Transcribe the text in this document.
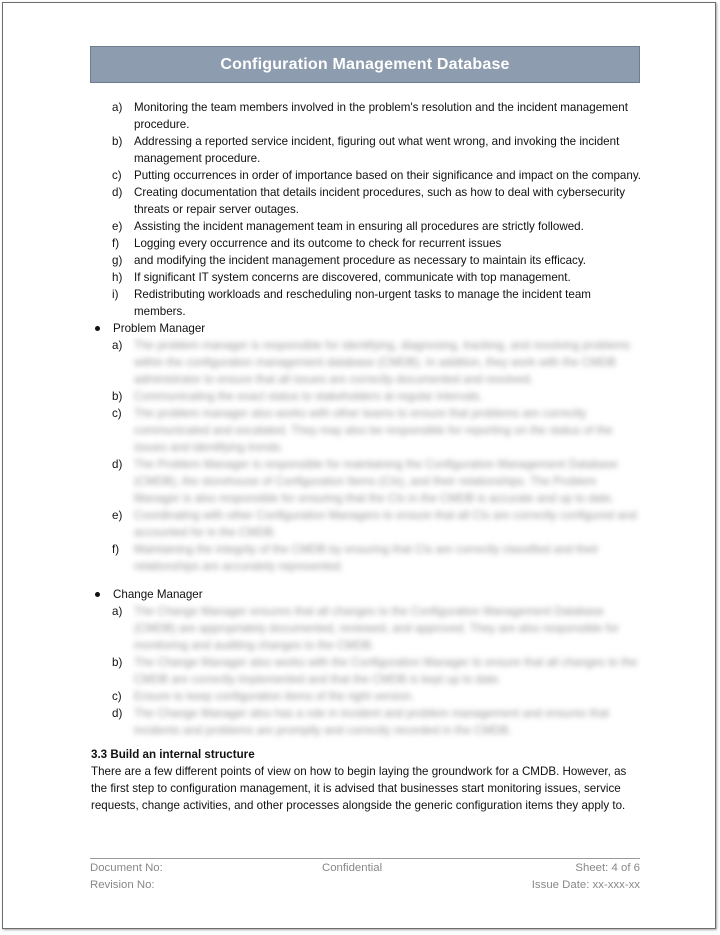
Configuration Management Database
a) Monitoring the team members involved in the problem's resolution and the incident management procedure.
b) Addressing a reported service incident, figuring out what went wrong, and invoking the incident management procedure.
c) Putting occurrences in order of importance based on their significance and impact on the company.
d) Creating documentation that details incident procedures, such as how to deal with cybersecurity threats or repair server outages.
e) Assisting the incident management team in ensuring all procedures are strictly followed.
f) Logging every occurrence and its outcome to check for recurrent issues
g) and modifying the incident management procedure as necessary to maintain its efficacy.
h) If significant IT system concerns are discovered, communicate with top management.
i) Redistributing workloads and rescheduling non-urgent tasks to manage the incident team members.
Problem Manager
a) The problem manager is responsible for identifying, diagnosing, tracking, and resolving problems within the configuration management database (CMDB). In addition, they work with the CMDB administrator to ensure that all issues are correctly documented and resolved.
b) Communicating the exact status to stakeholders at regular intervals.
c) The problem manager also works with other teams to ensure that problems are correctly communicated and escalated. They may also be responsible for reporting on the status of the issues and identifying trends.
d) The Problem Manager is responsible for maintaining the Configuration Management Database (CMDB), the storehouse of Configuration Items (CIs), and their relationships. The Problem Manager is also responsible for ensuring that the CIs in the CMDB is accurate and up to date.
e) Coordinating with other Configuration Managers to ensure that all CIs are correctly configured and accounted for in the CMDB.
f) Maintaining the integrity of the CMDB by ensuring that CIs are correctly classified and their relationships are accurately represented.
Change Manager
a) The Change Manager ensures that all changes to the Configuration Management Database (CMDB) are appropriately documented, reviewed, and approved. They are also responsible for monitoring and auditing changes to the CMDB.
b) The Change Manager also works with the Configuration Manager to ensure that all changes to the CMDB are correctly implemented and that the CMDB is kept up to date.
c) Ensure to keep configuration items of the right version.
d) The Change Manager also has a role in incident and problem management and ensures that incidents and problems are promptly and correctly recorded in the CMDB.
3.3 Build an internal structure

There are a few different points of view on how to begin laying the groundwork for a CMDB. However, as the first step to configuration management, it is advised that businesses start monitoring issues, service requests, change activities, and other processes alongside the generic configuration items they apply to.

Document No:	Confidential	Sheet: 4 of 6
Revision No:	Issue Date: xx-xxx-xx
